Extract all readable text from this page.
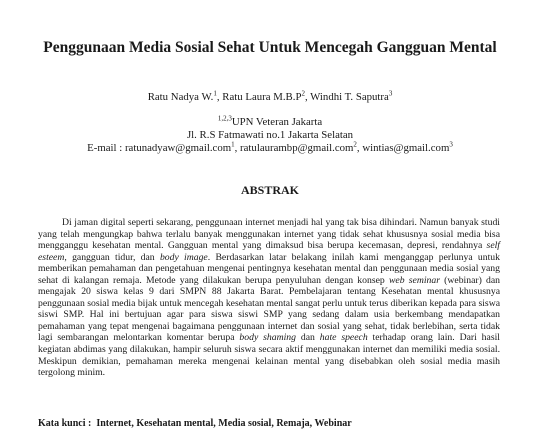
Penggunaan Media Sosial Sehat Untuk Mencegah Gangguan Mental
Ratu Nadya W.$^1$, Ratu Laura $M.B.P^2$, Windhi T. Saputra$^3$
$^{1,2,3}$UPN Veteran Jakarta
Jl. R.S Fatmawati no.1 Jakarta Selatan
E-mail : ratunadyaw@gmail.com$^1$, ratulaurambp@gmail.com$^2$, wintias@gmail.com$^3$
ABSTRAK

Di jaman digital seperti sekarang, penggunaan internet menjadi hal yang tak bisa dihindari. Namun banyak studi yang telah mengungkap bahwa terlalu banyak menggunakan internet yang tidak sehat khususnya sosial media bisa mengganggu kesehatan mental. Gangguan mental yang dimaksud bisa berupa kecemasan, depresi, rendahnya self esteem, gangguan tidur, dan body image. Berdasarkan latar belakang inilah kami menganggap perlunya untuk memberikan pemahaman dan pengetahuan mengenai pentingnya kesehatan mental dan penggunaan media sosial yang sehat di kalangan remaja. Metode yang dilakukan berupa penyuluhan dengan konsep web seminar (webinar) dan mengajak 20 siswa kelas 9 dari SMPN 88 Jakarta Barat. Pembelajaran tentang Kesehatan mental khususnya penggunaan sosial media bijak untuk mencegah kesehatan mental sangat perlu untuk terus diberikan kepada para siswa siswi SMP. Hal ini bertujuan agar para siswa siswi SMP yang sedang dalam usia berkembang mendapatkan pemahaman yang tepat mengenai bagaimana penggunaan internet dan sosial yang sehat, tidak berlebihan, serta tidak lagi sembarangan melontarkan komentar berupa body shaming dan hate speech terhadap orang lain. Dari hasil kegiatan abdimas yang dilakukan, hampir seluruh siswa secara aktif menggunakan internet dan memiliki media sosial. Meskipun demikian, pemahaman mereka mengenai kelainan mental yang disebabkan oleh sosial media masih tergolong minim.

Kata kunci : Internet, Kesehatan mental, Media sosial, Remaja, Webinar
